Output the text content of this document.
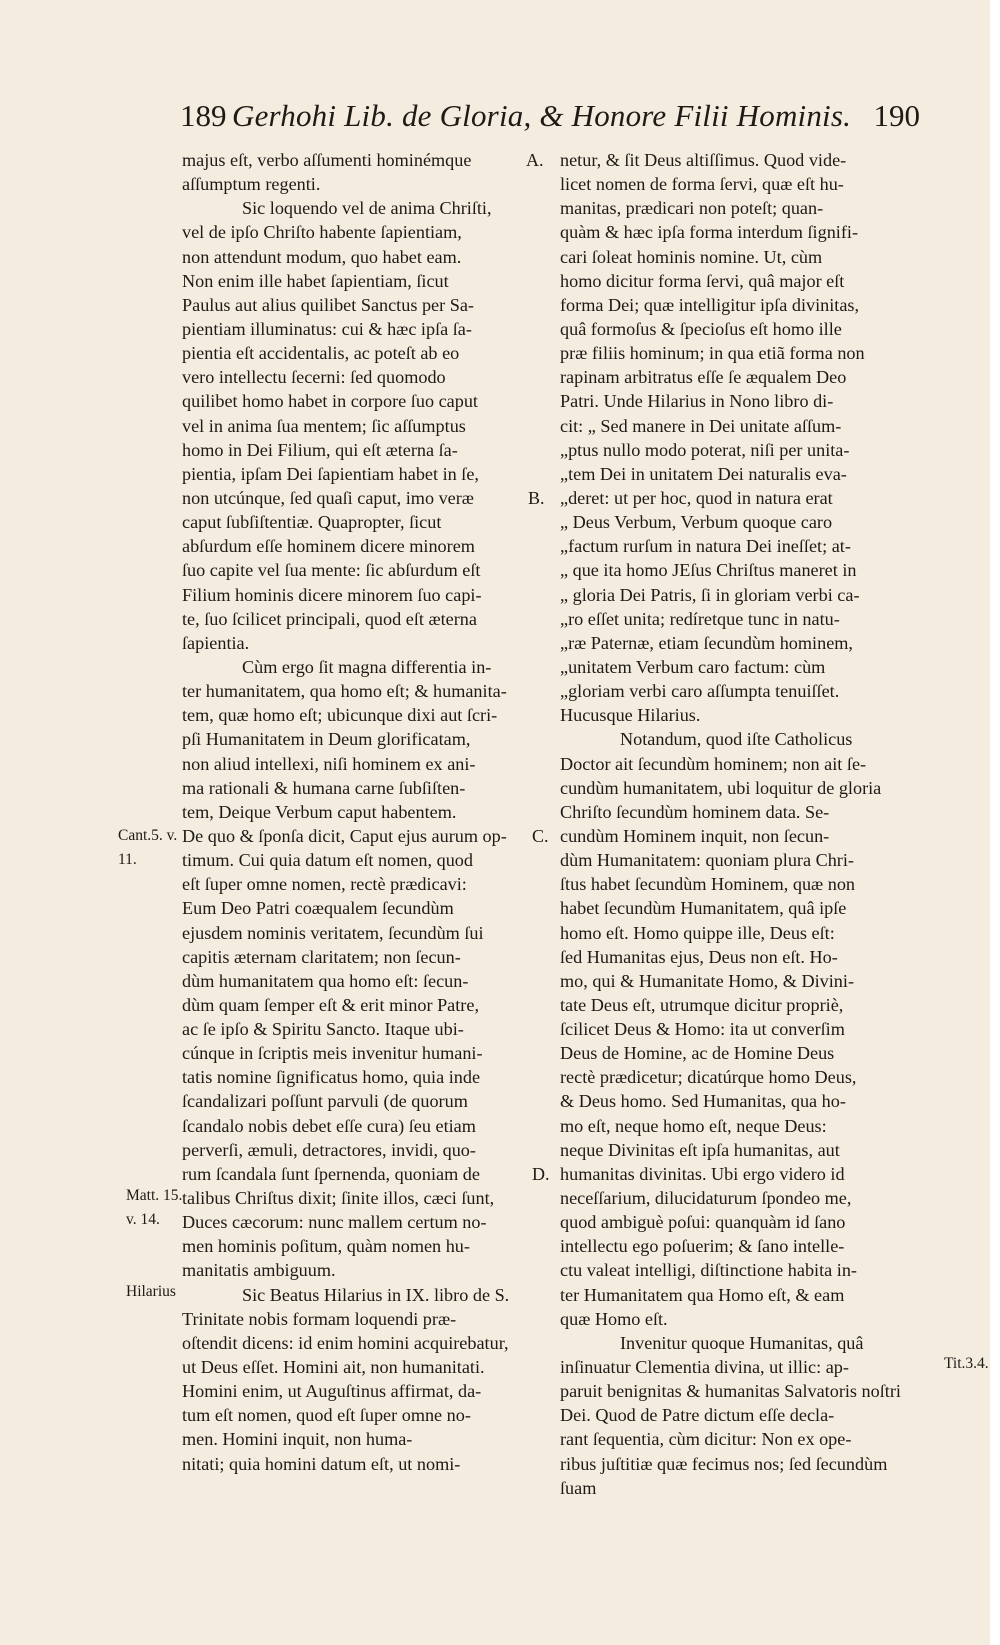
189 Gerhohi Lib. de Gloria, & Honore Filii Hominis. 190
majus eſt, verbo aſſumenti hominémque
aſſumptum regenti.
Sic loquendo vel de anima Chriſti,
vel de ipſo Chriſto habente ſapientiam,
non attendunt modum, quo habet eam.
Non enim ille habet ſapientiam, ſicut
Paulus aut alius quilibet Sanctus per Sa-
pientiam illuminatus: cui & hæc ipſa ſa-
pientia eſt accidentalis, ac poteſt ab eo
vero intellectu ſecerni: ſed quomodo
quilibet homo habet in corpore ſuo caput
vel in anima ſua mentem; ſic aſſumptus
homo in Dei Filium, qui eſt æterna ſa-
pientia, ipſam Dei ſapientiam habet in ſe,
non utcúnque, ſed quaſi caput, imo veræ
caput ſubſiſtentiæ. Quapropter, ſicut
abſurdum eſſe hominem dicere minorem
ſuo capite vel ſua mente: ſic abſurdum eſt
Filium hominis dicere minorem ſuo capi-
te, ſuo ſcilicet principali, quod eſt æterna
ſapientia.
Cùm ergo ſit magna differentia in-
ter humanitatem, qua homo eſt; & humanita-
tem, quæ homo eſt; ubicunque dixi aut ſcri-
pſi Humanitatem in Deum glorificatam,
non aliud intellexi, niſi hominem ex ani-
ma rationali & humana carne ſubſiſten-
tem, Deique Verbum caput habentem.
De quo & ſponſa dicit, Caput ejus aurum op-
timum. Cui quia datum eſt nomen, quod
eſt ſuper omne nomen, rectè prædicavi:
Eum Deo Patri coæqualem ſecundùm
ejusdem nominis veritatem, ſecundùm ſui
capitis æternam claritatem; non ſecun-
dùm humanitatem qua homo eſt: ſecun-
dùm quam ſemper eſt & erit minor Patre,
ac ſe ipſo & Spiritu Sancto. Itaque ubi-
cúnque in ſcriptis meis invenitur humani-
tatis nomine ſignificatus homo, quia inde
ſcandalizari poſſunt parvuli (de quorum
ſcandalo nobis debet eſſe cura) ſeu etiam
perverſi, æmuli, detractores, invidi, quo-
rum ſcandala ſunt ſpernenda, quoniam de
talibus Chriſtus dixit; ſinite illos, cæci ſunt,
Duces cæcorum: nunc mallem certum no-
men hominis poſitum, quàm nomen hu-
manitatis ambiguum.
Sic Beatus Hilarius in IX. libro de S.
Trinitate nobis formam loquendi præ-
oſtendit dicens: id enim homini acquirebatur,
ut Deus eſſet. Homini ait, non humanitati.
Homini enim, ut Auguſtinus affirmat, da-
tum eſt nomen, quod eſt ſuper omne no-
men. Homini inquit, non huma-
nitati; quia homini datum eſt, ut nomi-
netur, & ſit Deus altiſſimus. Quod vide-
licet nomen de forma ſervi, quæ eſt hu-
manitas, prædicari non poteſt; quan-
quàm & hæc ipſa forma interdum ſignifi-
cari ſoleat hominis nomine. Ut, cùm
homo dicitur forma ſervi, quâ major eſt
forma Dei; quæ intelligitur ipſa divinitas,
quâ formoſus & ſpecioſus eſt homo ille
præ filiis hominum; in qua etiã forma non
rapinam arbitratus eſſe ſe æqualem Deo
Patri. Unde Hilarius in Nono libro di-
cit: „ Sed manere in Dei unitate aſſum-
„ptus nullo modo poterat, niſi per unita-
„tem Dei in unitatem Dei naturalis eva-
„deret: ut per hoc, quod in natura erat
„ Deus Verbum, Verbum quoque caro
„factum rurſum in natura Dei ineſſet; at-
„ que ita homo JEſus Chriſtus maneret in
„ gloria Dei Patris, ſi in gloriam verbi ca-
„ro eſſet unita; redíretque tunc in natu-
„ræ Paternæ, etiam ſecundùm hominem,
„unitatem Verbum caro factum: cùm
„gloriam verbi caro aſſumpta tenuiſſet.
Hucusque Hilarius.
Notandum, quod iſte Catholicus
Doctor ait ſecundùm hominem; non ait ſe-
cundùm humanitatem, ubi loquitur de gloria
Chriſto ſecundùm hominem data. Se-
cundùm Hominem inquit, non ſecun-
dùm Humanitatem: quoniam plura Chri-
ſtus habet ſecundùm Hominem, quæ non
habet ſecundùm Humanitatem, quâ ipſe
homo eſt. Homo quippe ille, Deus eſt:
ſed Humanitas ejus, Deus non eſt. Ho-
mo, qui & Humanitate Homo, & Divini-
tate Deus eſt, utrumque dicitur propriè,
ſcilicet Deus & Homo: ita ut converſim
Deus de Homine, ac de Homine Deus
rectè prædicetur; dicatúrque homo Deus,
& Deus homo. Sed Humanitas, qua ho-
mo eſt, neque homo eſt, neque Deus:
neque Divinitas eſt ipſa humanitas, aut
humanitas divinitas. Ubi ergo videro id
neceſſarium, dilucidaturum ſpondeo me,
quod ambiguè poſui: quanquàm id ſano
intellectu ego poſuerim; & ſano intelle-
ctu valeat intelligi, diſtinctione habita in-
ter Humanitatem qua Homo eſt, & eam
quæ Homo eſt.
Invenitur quoque Humanitas, quâ
inſinuatur Clementia divina, ut illic: ap-
paruit benignitas & humanitas Salvatoris noſtri
Dei. Quod de Patre dictum eſſe decla-
rant ſequentia, cùm dicitur: Non ex ope-
ribus juſtitiæ quæ fecimus nos; ſed ſecundùm
ſuam
A.
B.
C.
D.
Cant.5. v.
11.
Matt. 15.
v. 14.
Hilarius
Tit.3.4.
